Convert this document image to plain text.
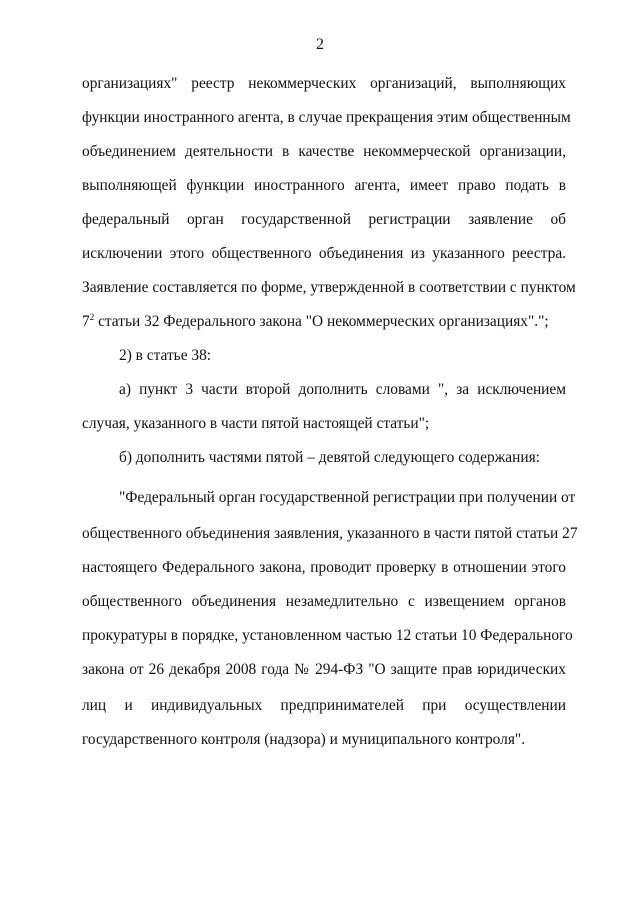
2
организациях" реестр некоммерческих организаций, выполняющих
функции иностранного агента, в случае прекращения этим общественным
объединением деятельности в качестве некоммерческой организации,
выполняющей функции иностранного агента, имеет право подать в
федеральный орган государственной регистрации заявление об
исключении этого общественного объединения из указанного реестра.
Заявление составляется по форме, утвержденной в соответствии с пунктом
$7^2$ статьи 32 Федерального закона "О некоммерческих организациях".";
2) в статье 38:
а) пункт 3 части второй дополнить словами ", за исключением
случая, указанного в части пятой настоящей статьи";
б) дополнить частями пятой – девятой следующего содержания:
"Федеральный орган государственной регистрации при получении от
общественного объединения заявления, указанного в части пятой статьи 27
настоящего Федерального закона, проводит проверку в отношении этого
общественного объединения незамедлительно с извещением органов
прокуратуры в порядке, установленном частью 12 статьи 10 Федерального
закона от 26 декабря 2008 года № 294-ФЗ "О защите прав юридических
лиц и индивидуальных предпринимателей при осуществлении
государственного контроля (надзора) и муниципального контроля".
